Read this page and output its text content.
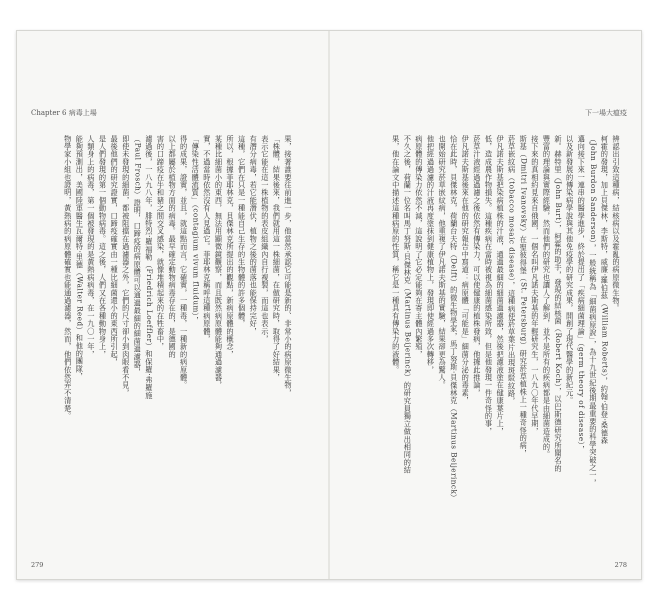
Chapter 6 病毒上場
果，接著誰要往前進一步，他當然承認它可能是新的、非常小的病原微生物，
「株體，結果後來，我們就用這一株細菌，在做研究時，取得了好結果，
表示它能在這一株植物的表皮組織內自行複製，而這也表示，
有潛分病毒，若它能潛伏，植物之後的菌落也能保持完好，
這種，它們在只是一種能自己生存的生物體的許多個體，
所以，根據菲耶林克，貝傑林克所提出的觀點，新病原體的概念，
某種比細菌小的東西，無法用顯微鏡觀察，而且既然病原體能夠通過濾器，
實，不過當時依然沒有人見過它。菲耶林克稱呼這種病原體，
「傳染性活體流質」（contagium vivum fluidum），
得的成果，證實，並且，就這點而言，它確實，一種毒，一種新的病原體。
以上都屬於植物方面的病毒。最早確定動物病毒存在的，是德國的
害的口蹄疫在牛和豬之間交叉感染，就像堆積起來的在牲畜中，
濾過後，一八九八年，腓特烈·羅福勒（Friedrich Loeffler）和保羅·弗羅施
（Paul Frosch）證明，口蹄疫的病原體可以通過最細的細菌過濾器，
即使未發現的細菌，都被阻擋在過濾器之外，它們的尺寸卻小到肉眼看不見，
最後他們的研究證實，口蹄疫確實由一種比細菌還小的東西所引起，
是人們發現的第一個動物病毒。這之後，人們又在各種動物身上，
人類身上的病毒，第一個被發現的是黃熱病病毒，在一九〇一年，
能夠預測出，美國陸軍醫生瓦爾特·里德（Walter Reed）和他的團隊，
物學家小組也證明，黃熱病的病原體確實也能通過濾器，然而，他們依然弄不清楚。
279
下一場大瘟疫
辨認出引致這種病，結核病以及霍亂的病原微生物。
柯霍的發現，加上貝傑林，李斯特，威廉·羅伯茲（William Roberts），約翰·伯登·桑德森
（John Burdon Sanderson），一般統稱為「細菌病原說」，為十九世紀後期最重要的科學突破之一，
邁向接下來一連串的醫學進步，終於提出了「疾病細菌理論」（germ theory of disease），
以及新發展的傳染病學說與其他免疫學的研究成果，開創了現代醫學的新紀元。
新。赫特里（John Burt），柯霍的助手，發現的結核菌（Robert Koch），以巴斯德研究所聞名的
豐富的理論與實際經驗，然而他們的研究也讓人了解到，並不是所有的疾病都是由細菌造成的。
接下來的真相約見來自俄國，一個名叫伊凡諾夫斯基的年輕研究生，一八九〇年代早期，
斯基（Dmitri Ivanovsky）在聖彼得堡（St. Petersburg）研究菸草植株上一種奇怪的病，
菸草嵌紋病（tobacco mosaic disease），這種病使菸草葉片出現斑駁紋路，
伊凡諾夫斯基把染病植株的汁液，通過最細的細菌過濾器，然後把濾液塗在健康葉片上，
低，造成農作物損失。這種疾病在當時被視為細菌感染所致，但是他發現一件奇怪的事，
菸草汁液經過過濾之後依然有傳染力，可以使健康的植株發病，他據此推論，
伊凡諾夫斯基後來在他的研究報告中寫道：病原體「可能是」細菌分泌的毒素，
恰在此時，貝傑林克，荷蘭台夫特（Delft）的微生物學家，馬丁努斯·貝傑林克（Martinus Beijerinck）
也開始研究菸草嵌紋病，他重複了伊凡諾夫斯基的實驗，結果卻更為驚人。
他把經過過濾的汁液再度塗抹到健康植物上，發現即使經過多次轉移，
病原體的傳染力依然不減，這說明了它必定能夠在寄主體內繁殖，
不久之後，荷蘭一位名叫馬丁努斯·貝傑林克（Martinus Beijerinck）的研究員獨立做出相同的結
果，他在論文中描述這種病原的性質，稱它是一種具有傳染力的液體。
278
